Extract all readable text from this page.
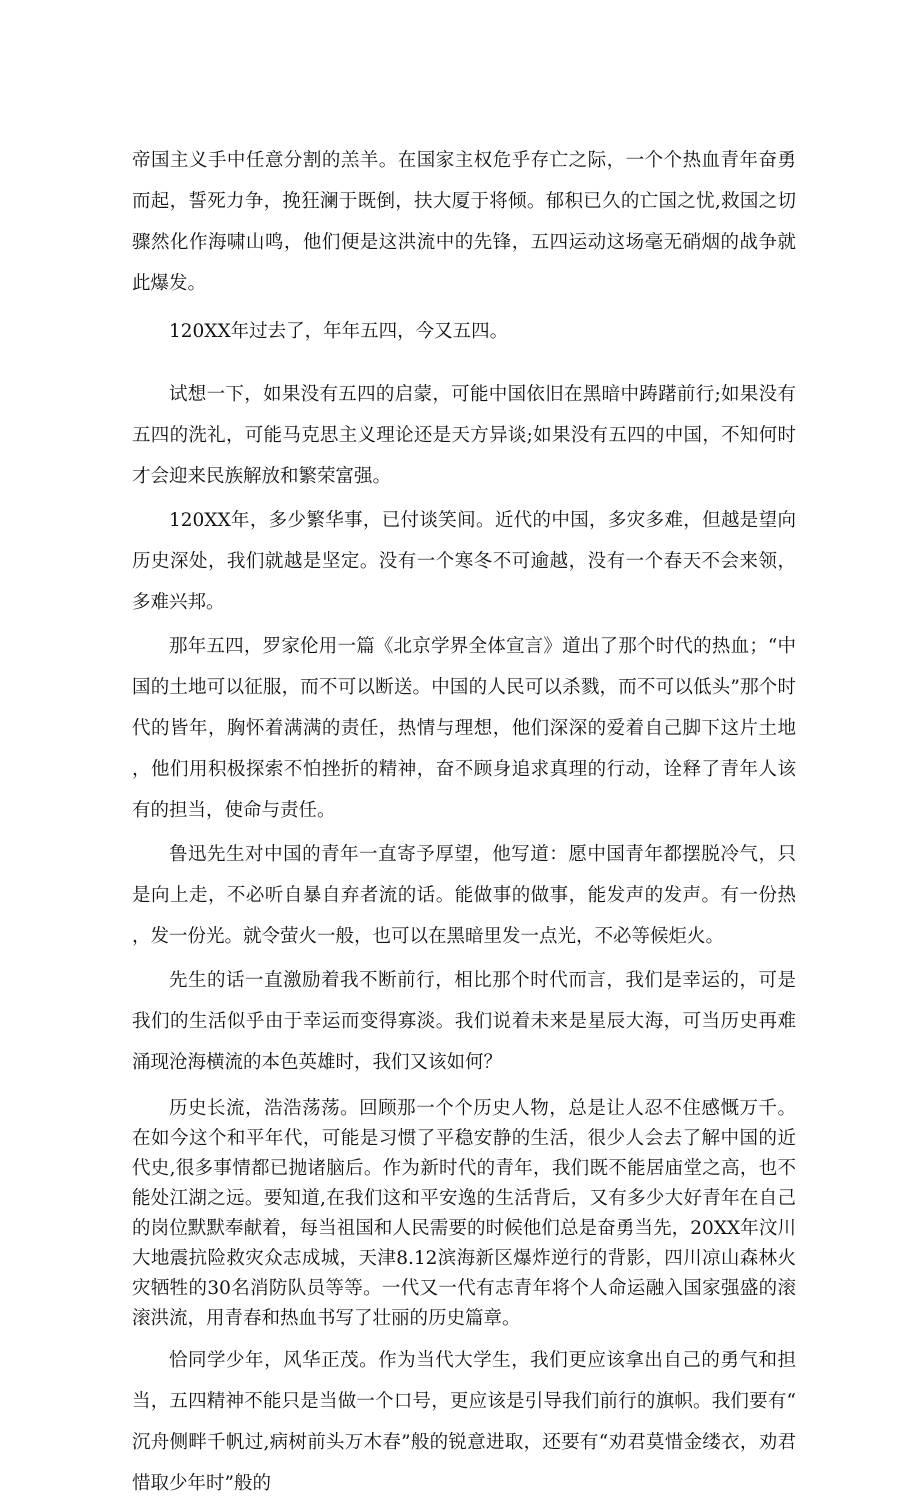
帝国主义手中任意分割的羔羊。在国家主权危乎存亡之际，一个个热血青年奋勇而起，誓死力争，挽狂澜于既倒，扶大厦于将倾。郁积已久的亡国之忧,救国之切骤然化作海啸山鸣，他们便是这洪流中的先锋，五四运动这场毫无硝烟的战争就此爆发。

120XX年过去了，年年五四，今又五四。

试想一下，如果没有五四的启蒙，可能中国依旧在黑暗中踌躇前行;如果没有五四的洗礼，可能马克思主义理论还是天方异谈;如果没有五四的中国，不知何时才会迎来民族解放和繁荣富强。

120XX年，多少繁华事，已付谈笑间。近代的中国，多灾多难，但越是望向历史深处，我们就越是坚定。没有一个寒冬不可逾越，没有一个春天不会来领，多难兴邦。

那年五四，罗家伦用一篇《北京学界全体宣言》道出了那个时代的热血；“中国的土地可以征服，而不可以断送。中国的人民可以杀戮，而不可以低头”那个时代的皆年，胸怀着满满的责任，热情与理想，他们深深的爱着自己脚下这片土地，他们用积极探索不怕挫折的精神，奋不顾身追求真理的行动，诠释了青年人该有的担当，使命与责任。

鲁迅先生对中国的青年一直寄予厚望，他写道：愿中国青年都摆脱冷气，只是向上走，不必听自暴自弃者流的话。能做事的做事，能发声的发声。有一份热，发一份光。就令萤火一般，也可以在黑暗里发一点光，不必等候炬火。

先生的话一直激励着我不断前行，相比那个时代而言，我们是幸运的，可是我们的生活似乎由于幸运而变得寡淡。我们说着未来是星辰大海，可当历史再难涌现沧海横流的本色英雄时，我们又该如何？

历史长流，浩浩荡荡。回顾那一个个历史人物，总是让人忍不住感慨万千。在如今这个和平年代，可能是习惯了平稳安静的生活，很少人会去了解中国的近代史,很多事情都已抛诸脑后。作为新时代的青年，我们既不能居庙堂之高，也不能处江湖之远。要知道,在我们这和平安逸的生活背后，又有多少大好青年在自己的岗位默默奉献着，每当祖国和人民需要的时候他们总是奋勇当先，20XX年汶川大地震抗险救灾众志成城，天津8.12滨海新区爆炸逆行的背影，四川凉山森林火灾牺牲的30名消防队员等等。一代又一代有志青年将个人命运融入国家强盛的滚滚洪流，用青春和热血书写了壮丽的历史篇章。

恰同学少年，风华正茂。作为当代大学生，我们更应该拿出自己的勇气和担当，五四精神不能只是当做一个口号，更应该是引导我们前行的旗帜。我们要有“沉舟侧畔千帆过,病树前头万木春”般的锐意进取，还要有“劝君莫惜金缕衣，劝君惜取少年时”般的
